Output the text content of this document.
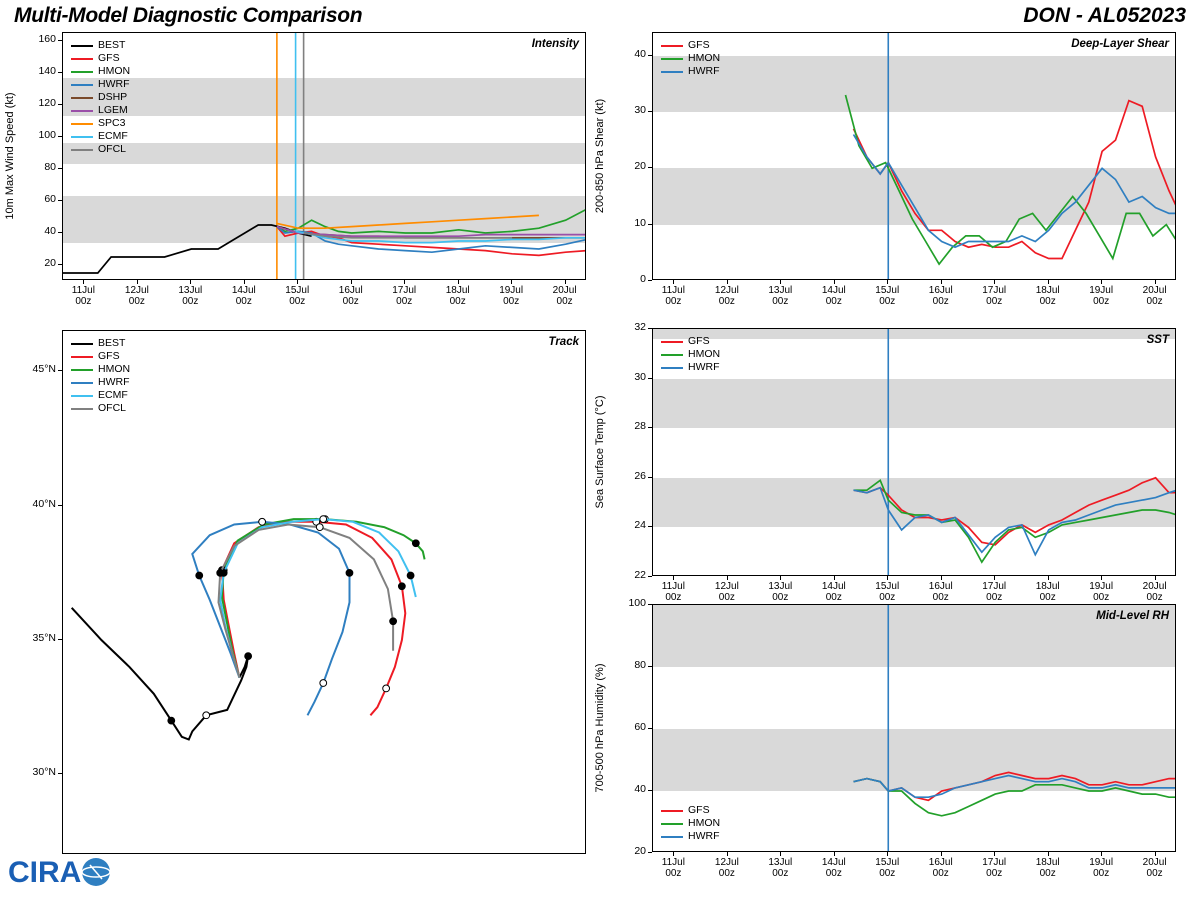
Multi-Model Diagnostic Comparison	DON - AL052023
Intensity
BEST
GFS
HMON
HWRF
DSHP
LGEM
SPC3
ECMF
OFCL
20
40
60
80
100
120
140
160
11Jul
00z
12Jul
00z
13Jul
00z
14Jul
00z
15Jul
00z
16Jul
00z
17Jul
00z
18Jul
00z
19Jul
00z
20Jul
00z
10m Max Wind Speed (kt)
Deep-Layer Shear
GFS
HMON
HWRF
0
10
20
30
40
11Jul
00z
12Jul
00z
13Jul
00z
14Jul
00z
15Jul
00z
16Jul
00z
17Jul
00z
18Jul
00z
19Jul
00z
20Jul
00z
200-850 hPa Shear (kt)
SST
GFS
HMON
HWRF
22
24
26
28
30
32
11Jul
00z
12Jul
00z
13Jul
00z
14Jul
00z
15Jul
00z
16Jul
00z
17Jul
00z
18Jul
00z
19Jul
00z
20Jul
00z
Sea Surface Temp (°C)
Mid-Level RH
GFS
HMON
HWRF
20
40
60
80
100
11Jul
00z
12Jul
00z
13Jul
00z
14Jul
00z
15Jul
00z
16Jul
00z
17Jul
00z
18Jul
00z
19Jul
00z
20Jul
00z
700-500 hPa Humidity (%)
Track
BEST
GFS
HMON
HWRF
ECMF
OFCL
30°N
35°N
40°N
45°N
CIRA
